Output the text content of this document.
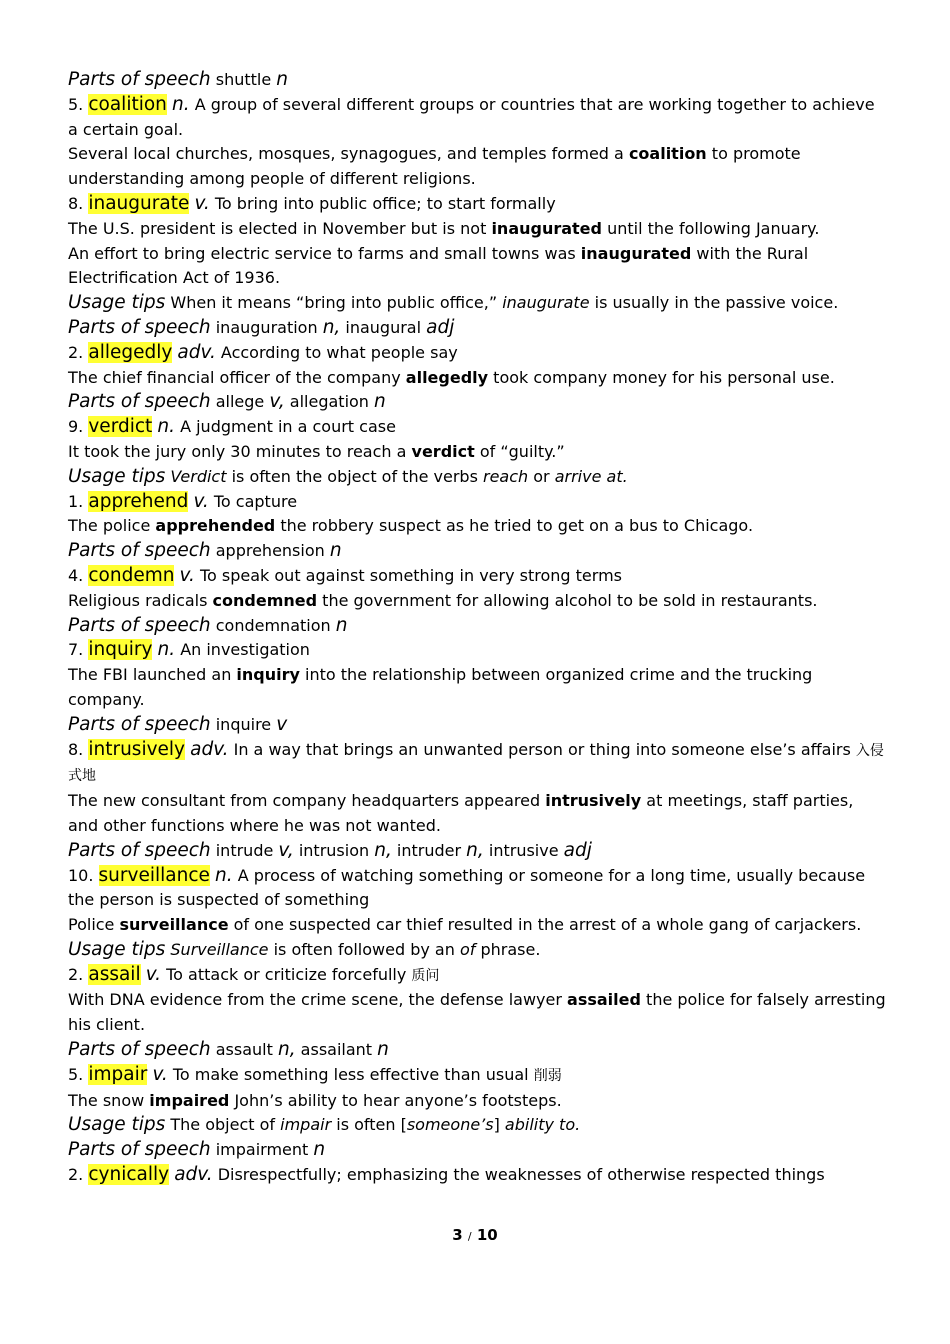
Parts of speech shuttle n
5. coalition n. A group of several different groups or countries that are working together to achieve a certain goal.
Several local churches, mosques, synagogues, and temples formed a coalition to promote understanding among people of different religions.
8. inaugurate v. To bring into public office; to start formally
The U.S. president is elected in November but is not inaugurated until the following January.
An effort to bring electric service to farms and small towns was inaugurated with the Rural Electrification Act of 1936.
Usage tips When it means “bring into public office,” inaugurate is usually in the passive voice.
Parts of speech inauguration n, inaugural adj
2. allegedly adv. According to what people say
The chief financial officer of the company allegedly took company money for his personal use.
Parts of speech allege v, allegation n
9. verdict n. A judgment in a court case
It took the jury only 30 minutes to reach a verdict of “guilty.”
Usage tips Verdict is often the object of the verbs reach or arrive at.
1. apprehend v. To capture
The police apprehended the robbery suspect as he tried to get on a bus to Chicago.
Parts of speech apprehension n
4. condemn v. To speak out against something in very strong terms
Religious radicals condemned the government for allowing alcohol to be sold in restaurants.
Parts of speech condemnation n
7. inquiry n. An investigation
The FBI launched an inquiry into the relationship between organized crime and the trucking company.
Parts of speech inquire v
8. intrusively adv. In a way that brings an unwanted person or thing into someone else’s affairs 入侵式地
The new consultant from company headquarters appeared intrusively at meetings, staff parties, and other functions where he was not wanted.
Parts of speech intrude v, intrusion n, intruder n, intrusive adj
10. surveillance n. A process of watching something or someone for a long time, usually because the person is suspected of something
Police surveillance of one suspected car thief resulted in the arrest of a whole gang of carjackers.
Usage tips Surveillance is often followed by an of phrase.
2. assail v. To attack or criticize forcefully 质问
With DNA evidence from the crime scene, the defense lawyer assailed the police for falsely arresting his client.
Parts of speech assault n, assailant n
5. impair v. To make something less effective than usual 削弱
The snow impaired John’s ability to hear anyone’s footsteps.
Usage tips The object of impair is often [someone’s] ability to.
Parts of speech impairment n
2. cynically adv. Disrespectfully; emphasizing the weaknesses of otherwise respected things
3 / 10
